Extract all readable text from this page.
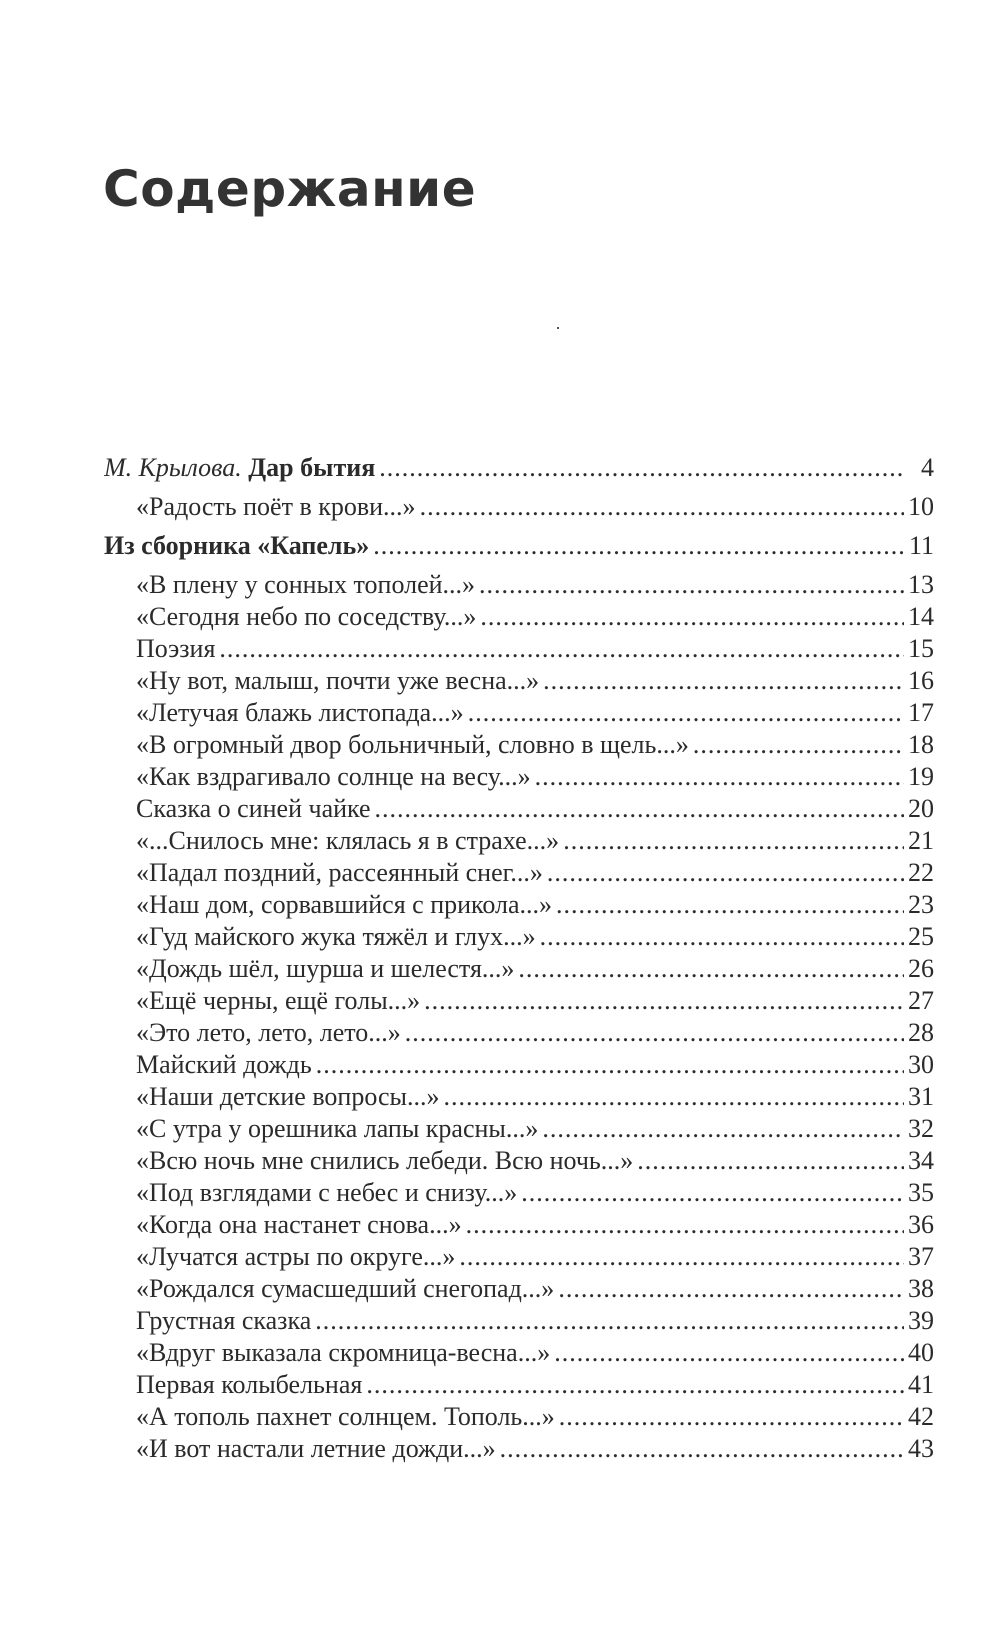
Содержание
М. Крылова. Дар бытия .....	4
«Радость поёт в крови...» .....	10
Из сборника «Капель» .....	11
«В плену у сонных тополей...» .....	13
«Сегодня небо по соседству...» .....	14
Поэзия .....	15
«Ну вот, малыш, почти уже весна...» .....	16
«Летучая блажь листопада...» .....	17
«В огромный двор больничный, словно в щель...» .....	18
«Как вздрагивало солнце на весу...» .....	19
Сказка о синей чайке .....	20
«...Снилось мне: клялась я в страхе...» .....	21
«Падал поздний, рассеянный снег...» .....	22
«Наш дом, сорвавшийся с прикола...» .....	23
«Гуд майского жука тяжёл и глух...» .....	25
«Дождь шёл, шурша и шелестя...» .....	26
«Ещё черны, ещё голы...» .....	27
«Это лето, лето, лето...» .....	28
Майский дождь .....	30
«Наши детские вопросы...» .....	31
«С утра у орешника лапы красны...» .....	32
«Всю ночь мне снились лебеди. Всю ночь...» .....	34
«Под взглядами с небес и снизу...» .....	35
«Когда она настанет снова...» .....	36
«Лучатся астры по округе...» .....	37
«Рождался сумасшедший снегопад...» .....	38
Грустная сказка .....	39
«Вдруг выказала скромница-весна...» .....	40
Первая колыбельная .....	41
«А тополь пахнет солнцем. Тополь...» .....	42
«И вот настали летние дожди...» .....	43
